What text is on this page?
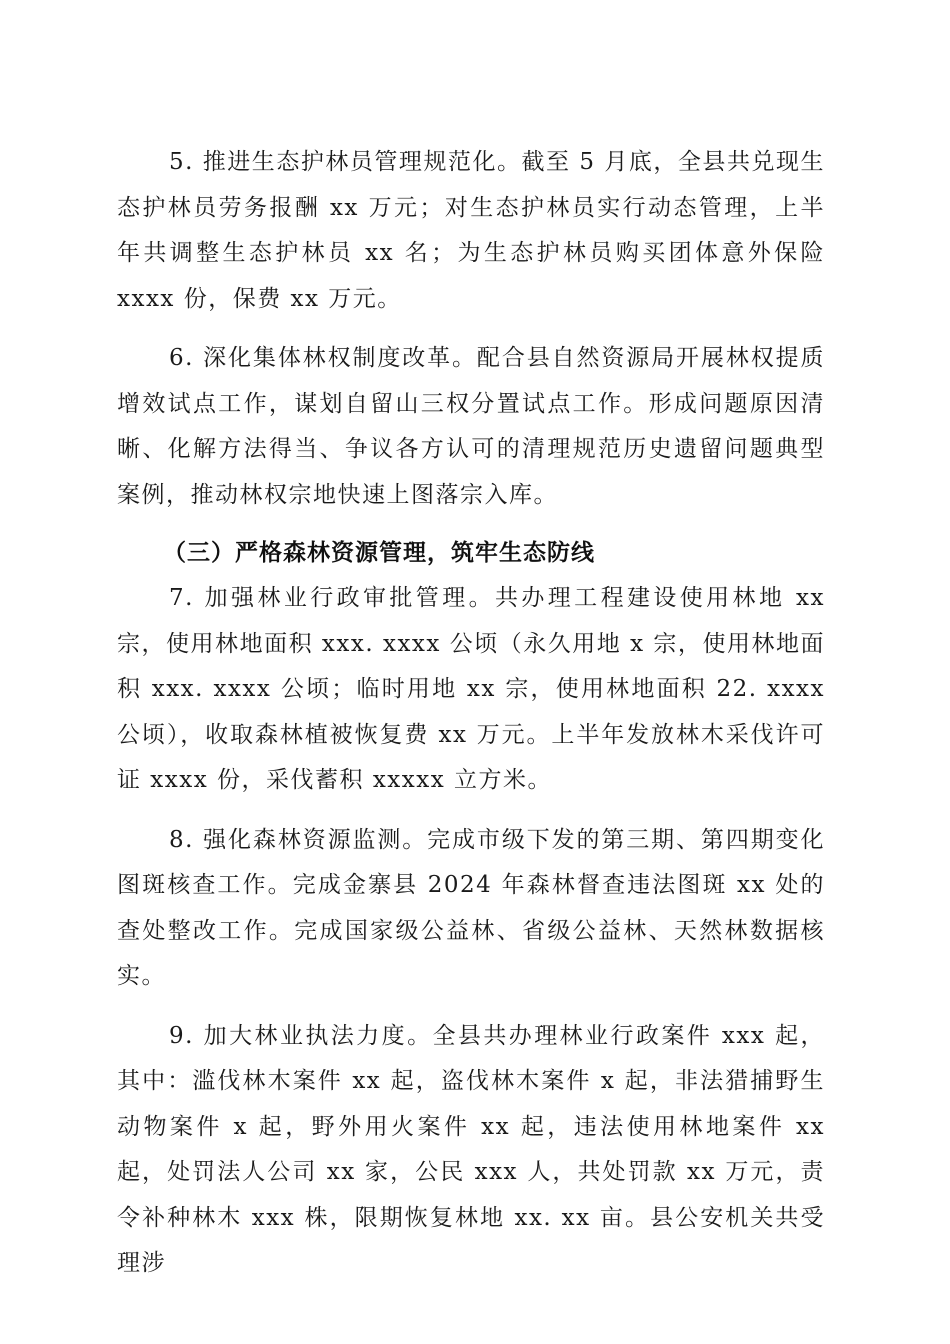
5. 推进生态护林员管理规范化。截至 5 月底，全县共兑现生态护林员劳务报酬 xx 万元；对生态护林员实行动态管理，上半年共调整生态护林员 xx 名；为生态护林员购买团体意外保险 xxxx 份，保费 xx 万元。

6. 深化集体林权制度改革。配合县自然资源局开展林权提质增效试点工作，谋划自留山三权分置试点工作。形成问题原因清晰、化解方法得当、争议各方认可的清理规范历史遗留问题典型案例，推动林权宗地快速上图落宗入库。

（三）严格森林资源管理，筑牢生态防线

7. 加强林业行政审批管理。共办理工程建设使用林地 xx 宗，使用林地面积 xxx. xxxx 公顷（永久用地 x 宗，使用林地面积 xxx. xxxx 公顷；临时用地 xx 宗，使用林地面积 22. xxxx 公顷），收取森林植被恢复费 xx 万元。上半年发放林木采伐许可证 xxxx 份，采伐蓄积 xxxxx 立方米。

8. 强化森林资源监测。完成市级下发的第三期、第四期变化图斑核查工作。完成金寨县 2024 年森林督查违法图斑 xx 处的查处整改工作。完成国家级公益林、省级公益林、天然林数据核实。

9. 加大林业执法力度。全县共办理林业行政案件 xxx 起，其中：滥伐林木案件 xx 起，盗伐林木案件 x 起，非法猎捕野生动物案件 x 起，野外用火案件 xx 起，违法使用林地案件 xx 起，处罚法人公司 xx 家，公民 xxx 人，共处罚款 xx 万元，责令补种林木 xxx 株，限期恢复林地 xx. xx 亩。县公安机关共受理涉
